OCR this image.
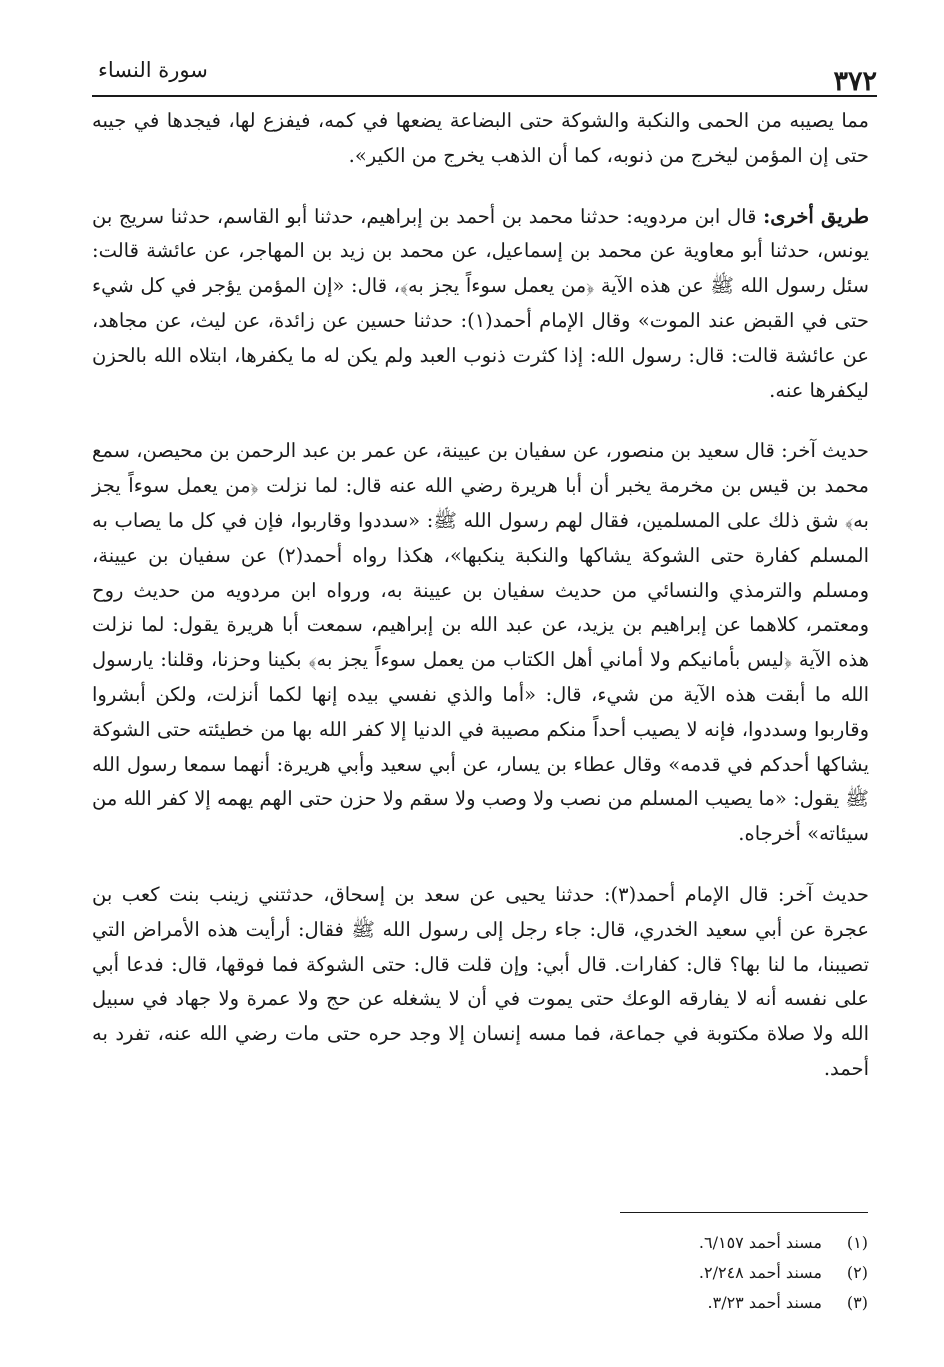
٣٧٢
سورة النساء

مما يصيبه من الحمى والنكبة والشوكة حتى البضاعة يضعها في كمه، فيفزع لها، فيجدها في جيبه حتى إن المؤمن ليخرج من ذنوبه، كما أن الذهب يخرج من الكير».

طريق أخرى: قال ابن مردويه: حدثنا محمد بن أحمد بن إبراهيم، حدثنا أبو القاسم، حدثنا سريج بن يونس، حدثنا أبو معاوية عن محمد بن إسماعيل، عن محمد بن زيد بن المهاجر، عن عائشة قالت: سئل رسول الله ﷺ عن هذه الآية ﴿من يعمل سوءاً يجز به﴾، قال: «إن المؤمن يؤجر في كل شيء حتى في القبض عند الموت» وقال الإمام أحمد(١): حدثنا حسين عن زائدة، عن ليث، عن مجاهد، عن عائشة قالت: قال: رسول الله: إذا كثرت ذنوب العبد ولم يكن له ما يكفرها، ابتلاه الله بالحزن ليكفرها عنه.

حديث آخر: قال سعيد بن منصور، عن سفيان بن عيينة، عن عمر بن عبد الرحمن بن محيصن، سمع محمد بن قيس بن مخرمة يخبر أن أبا هريرة رضي الله عنه قال: لما نزلت ﴿من يعمل سوءاً يجز به﴾ شق ذلك على المسلمين، فقال لهم رسول الله ﷺ: «سددوا وقاربوا، فإن في كل ما يصاب به المسلم كفارة حتى الشوكة يشاكها والنكبة ينكبها»، هكذا رواه أحمد(٢) عن سفيان بن عيينة، ومسلم والترمذي والنسائي من حديث سفيان بن عيينة به، ورواه ابن مردويه من حديث روح ومعتمر، كلاهما عن إبراهيم بن يزيد، عن عبد الله بن إبراهيم، سمعت أبا هريرة يقول: لما نزلت هذه الآية ﴿ليس بأمانيكم ولا أماني أهل الكتاب من يعمل سوءاً يجز به﴾ بكينا وحزنا، وقلنا: يارسول الله ما أبقت هذه الآية من شيء، قال: «أما والذي نفسي بيده إنها لكما أنزلت، ولكن أبشروا وقاربوا وسددوا، فإنه لا يصيب أحداً منكم مصيبة في الدنيا إلا كفر الله بها من خطيئته حتى الشوكة يشاكها أحدكم في قدمه» وقال عطاء بن يسار، عن أبي سعيد وأبي هريرة: أنهما سمعا رسول الله ﷺ يقول: «ما يصيب المسلم من نصب ولا وصب ولا سقم ولا حزن حتى الهم يهمه إلا كفر الله من سيئاته» أخرجاه.

حديث آخر: قال الإمام أحمد(٣): حدثنا يحيى عن سعد بن إسحاق، حدثتني زينب بنت كعب بن عجرة عن أبي سعيد الخدري، قال: جاء رجل إلى رسول الله ﷺ فقال: أرأيت هذه الأمراض التي تصيبنا، ما لنا بها؟ قال: كفارات. قال أبي: وإن قلت قال: حتى الشوكة فما فوقها، قال: فدعا أبي على نفسه أنه لا يفارقه الوعك حتى يموت في أن لا يشغله عن حج ولا عمرة ولا جهاد في سبيل الله ولا صلاة مكتوبة في جماعة، فما مسه إنسان إلا وجد حره حتى مات رضي الله عنه، تفرد به أحمد.

(١)
مسند أحمد ٦/١٥٧.
(٢)
مسند أحمد ٢/٢٤٨.
(٣)
مسند أحمد ٣/٢٣.
